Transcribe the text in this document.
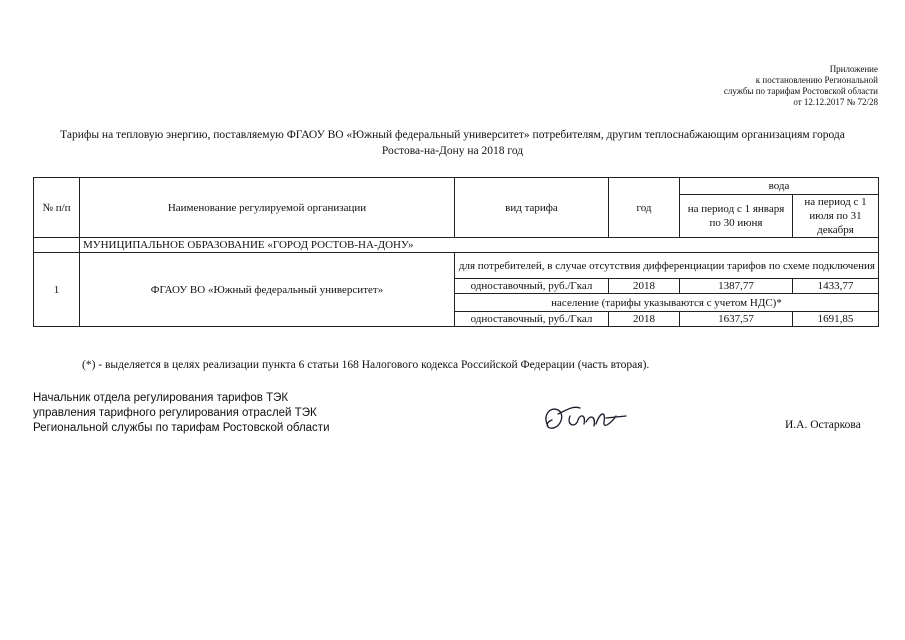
Приложение
к постановлению Региональной
службы по тарифам Ростовской области
от 12.12.2017 № 72/28
Тарифы на тепловую энергию, поставляемую ФГАОУ ВО «Южный федеральный университет» потребителям, другим теплоснабжающим организациям города
Ростова-на-Дону на 2018 год
№ п/п	Наименование регулируемой организации	вид тарифа	год	вода	
				на период с 1 января по 30 июня	на период с 1 июля по 31 декабря
	МУНИЦИПАЛЬНОЕ ОБРАЗОВАНИЕ «ГОРОД РОСТОВ-НА-ДОНУ»				
1	ФГАОУ ВО «Южный федеральный университет»	для потребителей, в случае отсутствия дифференциации тарифов по схеме подключения			
		одноставочный, руб./Гкал	2018	1387,77	1433,77
		население (тарифы указываются с учетом НДС)*			
		одноставочный, руб./Гкал	2018	1637,57	1691,85
(*) - выделяется в целях реализации пункта 6 статьи 168 Налогового кодекса Российской Федерации (часть вторая).
Начальник отдела регулирования тарифов ТЭК
управления тарифного регулирования отраслей ТЭК
Региональной службы по тарифам Ростовской области	И.А. Остаркова
